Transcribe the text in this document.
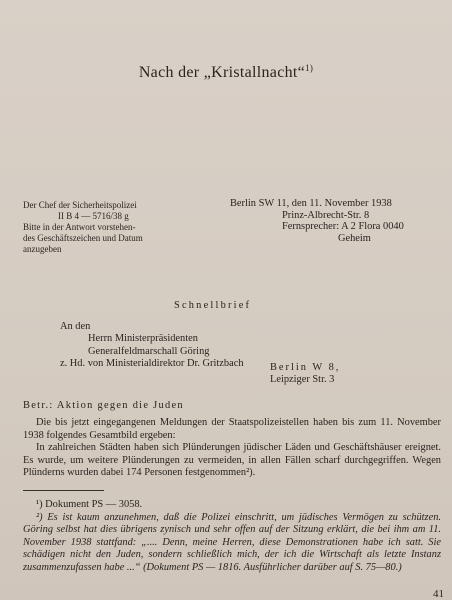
Nach der „Kristallnacht“$^{1)}$
Der Chef der Sicherheitspolizei
II B 4 — 5716/38 g
Bitte in der Antwort vorstehen-
des Geschäftszeichen und Datum
anzugeben
Berlin SW 11, den 11. November 1938
Prinz-Albrecht-Str. 8
Fernsprecher: A 2 Flora 0040
Geheim
Schnellbrief
An den
Herrn Ministerpräsidenten
Generalfeldmarschall Göring
z. Hd. von Ministerialdirektor Dr. Gritzbach	Berlin W 8,
Leipziger Str. 3
Betr.: Aktion gegen die Juden

Die bis jetzt eingegangenen Meldungen der Staatspolizeistellen haben bis zum 11. November 1938 folgendes Gesamtbild ergeben:

In zahlreichen Städten haben sich Plünderungen jüdischer Läden und Geschäftshäuser ereignet. Es wurde, um weitere Plünderungen zu vermeiden, in allen Fällen scharf durchgegriffen. Wegen Plünderns wurden dabei 174 Personen festgenommen²).

¹) Dokument PS — 3058.

²) Es ist kaum anzunehmen, daß die Polizei einschritt, um jüdisches Vermögen zu schützen. Göring selbst hat dies übrigens zynisch und sehr offen auf der Sitzung erklärt, die bei ihm am 11. November 1938 stattfand: „.... Denn, meine Herren, diese Demonstrationen habe ich satt. Sie schädigen nicht den Juden, sondern schließlich mich, der ich die Wirtschaft als letzte Instanz zusammenzufassen habe ...“ (Dokument PS — 1816. Ausführlicher darüber auf S. 75—80.)

41
